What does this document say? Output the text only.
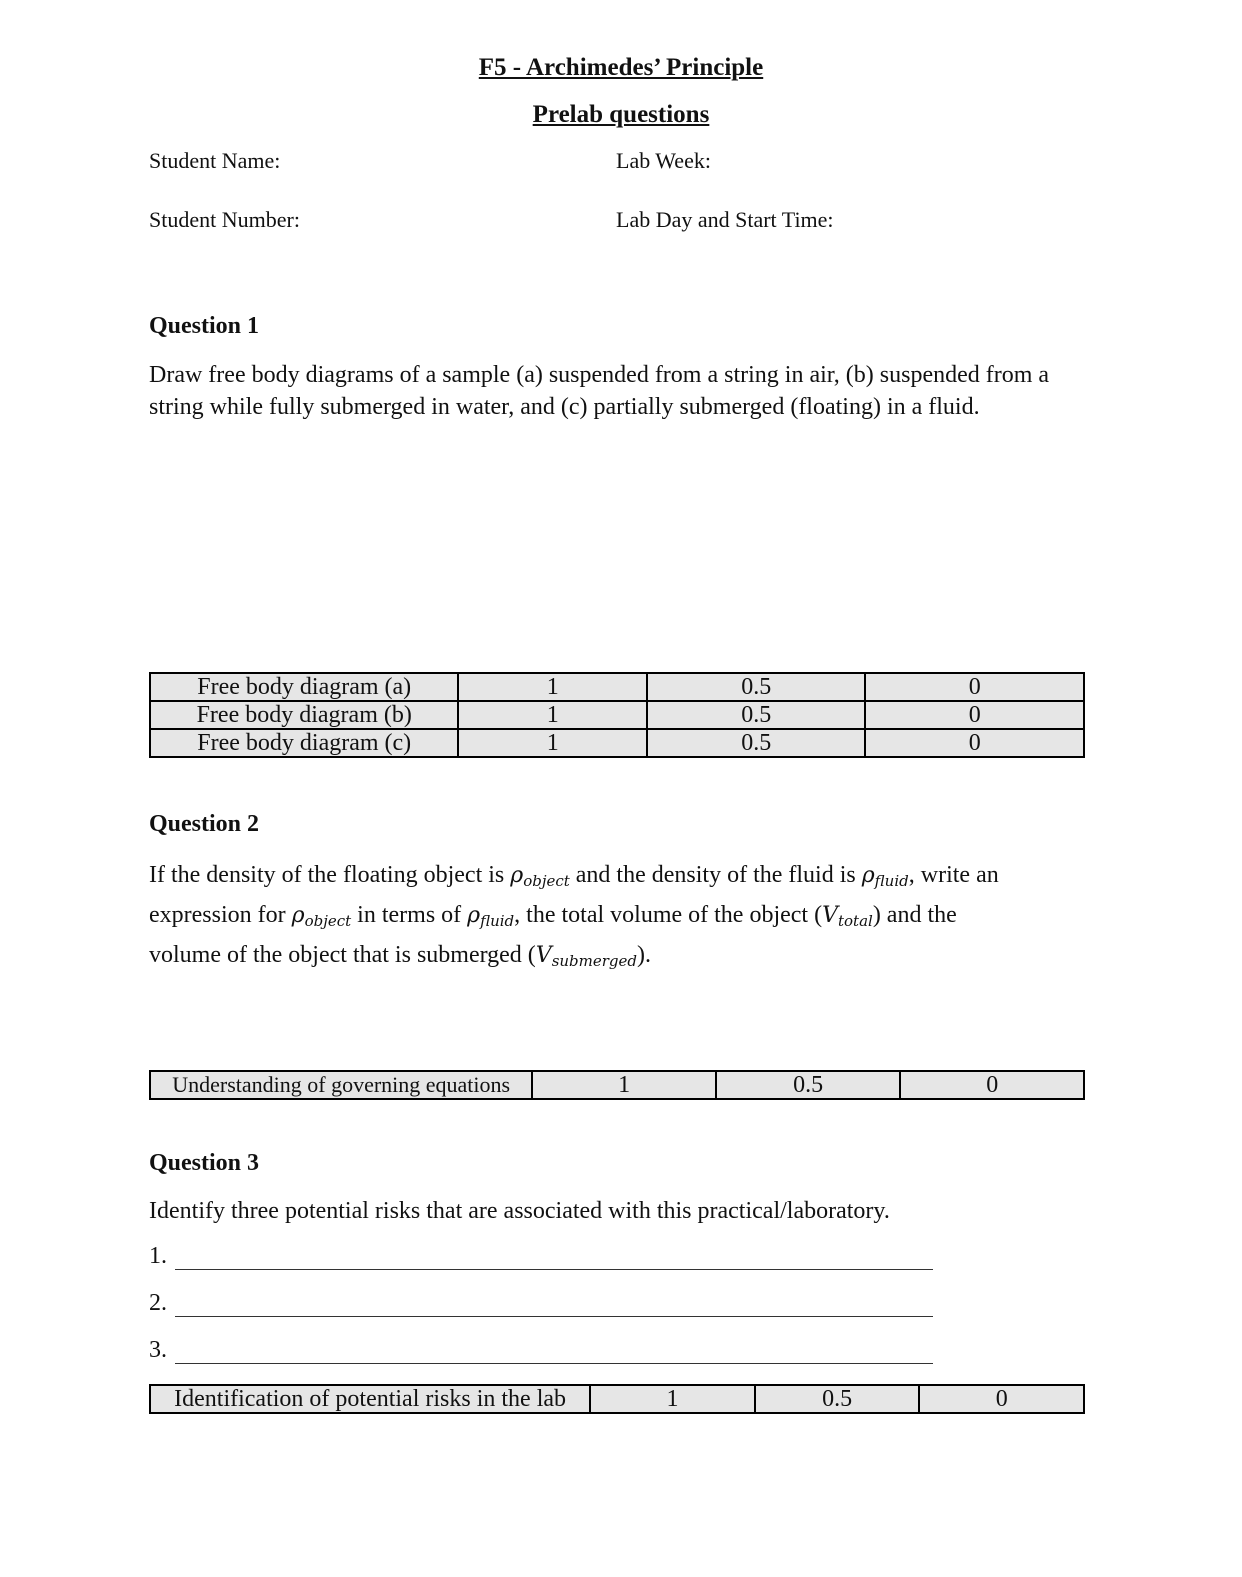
F5 - Archimedes’ Principle
Prelab questions
Student Name:	Lab Week:
Student Number:	Lab Day and Start Time:
Question 1
Draw free body diagrams of a sample (a) suspended from a string in air, (b) suspended from a
string while fully submerged in water, and (c) partially submerged (floating) in a fluid.
Free body diagram (a)	1	0.5	0
Free body diagram (b)	1	0.5	0
Free body diagram (c)	1	0.5	0
Question 2
If the density of the floating object is $\rho_{object}$ and the density of the fluid is $\rho_{fluid}$, write an
expression for $\rho_{object}$ in terms of $\rho_{fluid}$, the total volume of the object $(V_{total})$ and the
volume of the object that is submerged $(V_{submerged})$.
Understanding of governing equations	1	0.5	0
Question 3
Identify three potential risks that are associated with this practical/laboratory.
1.
2.
3.
Identification of potential risks in the lab	1	0.5	0
